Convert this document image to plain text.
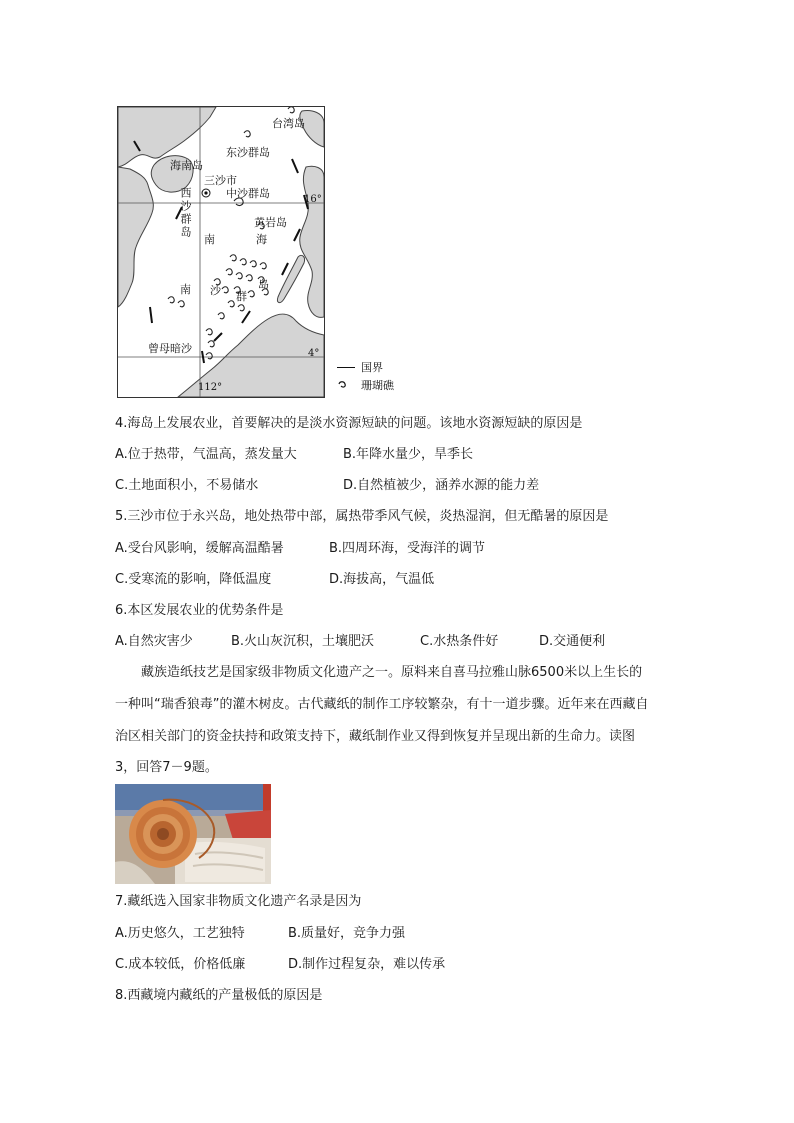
台湾岛
东沙群岛
海南岛
三沙市
中沙群岛	16°
西沙群岛	黄岩岛
南	海
南 沙 群
岛
曾母暗沙	4°
112°
国界
珊瑚礁
4.海岛上发展农业，首要解决的是淡水资源短缺的问题。该地水资源短缺的原因是
A.位于热带，气温高，蒸发量大	B.年降水量少，旱季长
C.土地面积小，不易储水	D.自然植被少，涵养水源的能力差
5.三沙市位于永兴岛，地处热带中部，属热带季风气候，炎热湿润，但无酷暑的原因是
A.受台风影响，缓解高温酷暑	B.四周环海，受海洋的调节
C.受寒流的影响，降低温度	D.海拔高，气温低
6.本区发展农业的优势条件是
A.自然灾害少	B.火山灰沉积，土壤肥沃	C.水热条件好	D.交通便利
藏族造纸技艺是国家级非物质文化遗产之一。原料来自喜马拉雅山脉6500米以上生长的
一种叫“瑞香狼毒”的灌木树皮。古代藏纸的制作工序较繁杂，有十一道步骤。近年来在西藏自
治区相关部门的资金扶持和政策支持下，藏纸制作业又得到恢复并呈现出新的生命力。读图
3，回答7－9题。
7.藏纸选入国家非物质文化遗产名录是因为
A.历史悠久，工艺独特	B.质量好，竞争力强
C.成本较低，价格低廉	D.制作过程复杂，难以传承
8.西藏境内藏纸的产量极低的原因是
